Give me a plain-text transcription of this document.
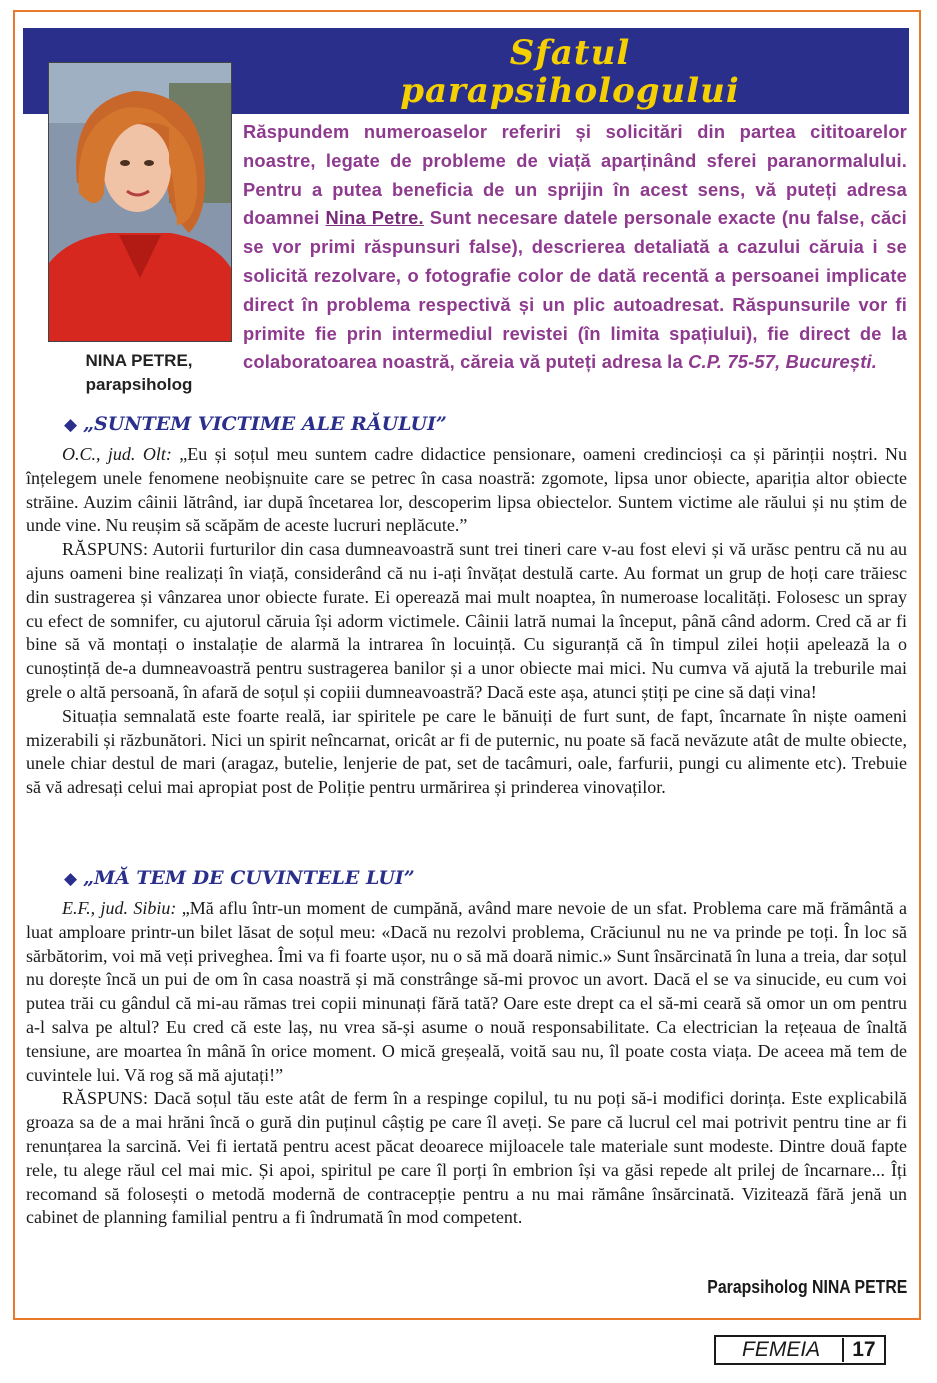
Sfatul
parapsihologului
NINA PETRE,
parapsiholog
Răspundem numeroaselor referiri și solicitări din partea cititoarelor noastre, legate de probleme de viață aparținând sferei paranormalului. Pentru a putea beneficia de un sprijin în acest sens, vă puteți adresa doamnei Nina Petre. Sunt necesare datele personale exacte (nu false, căci se vor primi răspunsuri false), descrierea detaliată a cazului căruia i se solicită rezolvare, o fotografie color de dată recentă a persoanei implicate direct în problema respectivă și un plic autoadresat. Răspunsurile vor fi primite fie prin intermediul revistei (în limita spațiului), fie direct de la colaboratoarea noastră, căreia vă puteți adresa la C.P. 75-57, București.
◆ „SUNTEM VICTIME ALE RĂULUI”

O.C., jud. Olt: „Eu și soțul meu suntem cadre didactice pensionare, oameni credincioși ca și părinții noștri. Nu înțelegem unele fenomene neobișnuite care se petrec în casa noastră: zgomote, lipsa unor obiecte, apariția altor obiecte străine. Auzim câinii lătrând, iar după încetarea lor, descoperim lipsa obiectelor. Suntem victime ale răului și nu știm de unde vine. Nu reușim să scăpăm de aceste lucruri neplăcute.”

RĂSPUNS: Autorii furturilor din casa dumneavoastră sunt trei tineri care v-au fost elevi și vă urăsc pentru că nu au ajuns oameni bine realizați în viață, considerând că nu i-ați învățat destulă carte. Au format un grup de hoți care trăiesc din sustragerea și vânzarea unor obiecte furate. Ei operează mai mult noaptea, în numeroase localități. Folosesc un spray cu efect de somnifer, cu ajutorul căruia își adorm victimele. Câinii latră numai la început, până când adorm. Cred că ar fi bine să vă montați o instalație de alarmă la intrarea în locuință. Cu siguranță că în timpul zilei hoții apelează la o cunoștință de-a dumneavoastră pentru sustragerea banilor și a unor obiecte mai mici. Nu cumva vă ajută la treburile mai grele o altă persoană, în afară de soțul și copiii dumneavoastră? Dacă este așa, atunci știți pe cine să dați vina!

Situația semnalată este foarte reală, iar spiritele pe care le bănuiți de furt sunt, de fapt, încarnate în niște oameni mizerabili și răzbunători. Nici un spirit neîncarnat, oricât ar fi de puternic, nu poate să facă nevăzute atât de multe obiecte, unele chiar destul de mari (aragaz, butelie, lenjerie de pat, set de tacâmuri, oale, farfurii, pungi cu alimente etc). Trebuie să vă adresați celui mai apropiat post de Poliție pentru urmărirea și prinderea vinovaților.

◆ „MĂ TEM DE CUVINTELE LUI”

E.F., jud. Sibiu: „Mă aflu într-un moment de cumpănă, având mare nevoie de un sfat. Problema care mă frământă a luat amploare printr-un bilet lăsat de soțul meu: «Dacă nu rezolvi problema, Crăciunul nu ne va prinde pe toți. În loc să sărbătorim, voi mă veți priveghea. Îmi va fi foarte ușor, nu o să mă doară nimic.» Sunt însărcinată în luna a treia, dar soțul nu dorește încă un pui de om în casa noastră și mă constrânge să-mi provoc un avort. Dacă el se va sinucide, eu cum voi putea trăi cu gândul că mi-au rămas trei copii minunați fără tată? Oare este drept ca el să-mi ceară să omor un om pentru a-l salva pe altul? Eu cred că este laș, nu vrea să-și asume o nouă responsabilitate. Ca electrician la rețeaua de înaltă tensiune, are moartea în mână în orice moment. O mică greșeală, voită sau nu, îl poate costa viața. De aceea mă tem de cuvintele lui. Vă rog să mă ajutați!”

RĂSPUNS: Dacă soțul tău este atât de ferm în a respinge copilul, tu nu poți să-i modifici dorința. Este explicabilă groaza sa de a mai hrăni încă o gură din puținul câștig pe care îl aveți. Se pare că lucrul cel mai potrivit pentru tine ar fi renunțarea la sarcină. Vei fi iertată pentru acest păcat deoarece mijloacele tale materiale sunt modeste. Dintre două fapte rele, tu alege răul cel mai mic. Și apoi, spiritul pe care îl porți în embrion își va găsi repede alt prilej de încarnare... Îți recomand să folosești o metodă modernă de contracepție pentru a nu mai rămâne însărcinată. Vizitează fără jenă un cabinet de planning familial pentru a fi îndrumată în mod competent.

Parapsiholog NINA PETRE
FEMEIA	17
